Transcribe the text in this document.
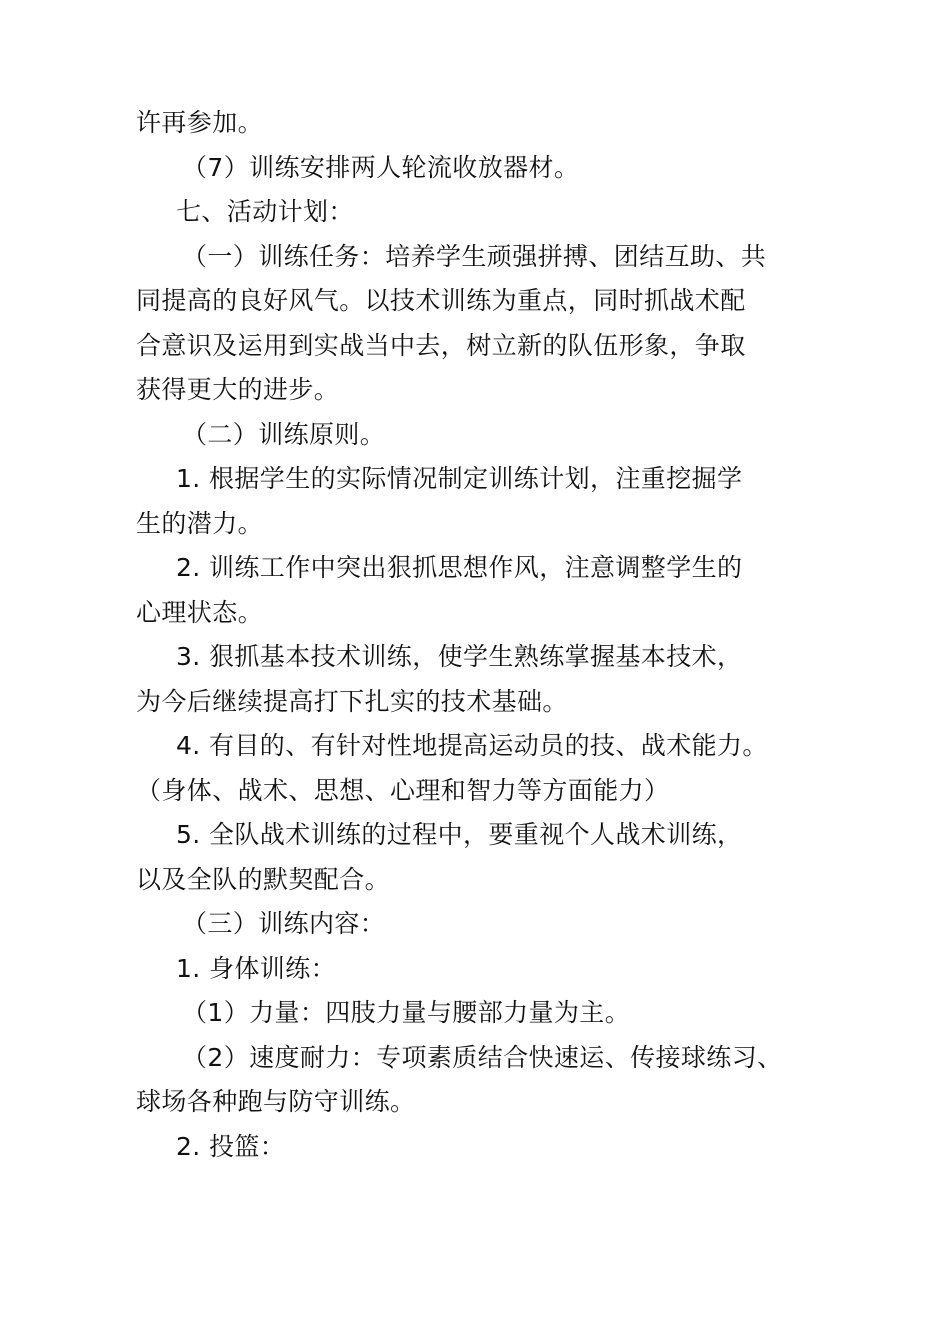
许再参加。

（7）训练安排两人轮流收放器材。

七、活动计划：

（一）训练任务：培养学生顽强拼搏、团结互助、共

同提高的良好风气。以技术训练为重点，同时抓战术配

合意识及运用到实战当中去，树立新的队伍形象，争取

获得更大的进步。

（二）训练原则。

1. 根据学生的实际情况制定训练计划，注重挖掘学

生的潜力。

2. 训练工作中突出狠抓思想作风，注意调整学生的

心理状态。

3. 狠抓基本技术训练，使学生熟练掌握基本技术，

为今后继续提高打下扎实的技术基础。

4. 有目的、有针对性地提高运动员的技、战术能力。

（身体、战术、思想、心理和智力等方面能力）

5. 全队战术训练的过程中，要重视个人战术训练，

以及全队的默契配合。

（三）训练内容：

1. 身体训练：

（1）力量：四肢力量与腰部力量为主。

（2）速度耐力：专项素质结合快速运、传接球练习、

球场各种跑与防守训练。

2. 投篮：
